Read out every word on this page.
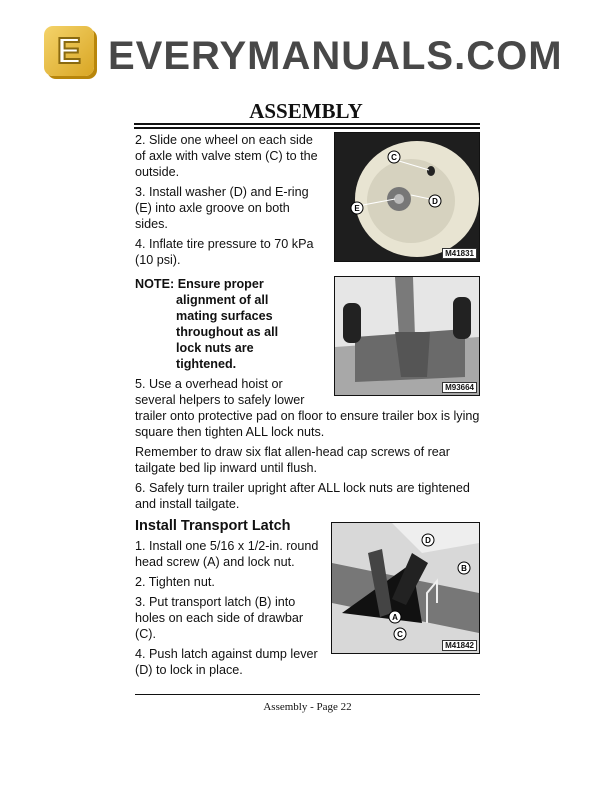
E EVERYMANUALS.COM
ASSEMBLY
C
D
E
M41831

2. Slide one wheel on each side of axle with valve stem (C) to the outside.

3. Install washer (D) and E-ring (E) into axle groove on both sides.

4. Inflate tire pressure to 70 kPa (10 psi).

M93664

NOTE: Ensure proper
alignment of all
mating surfaces
throughout as all
lock nuts are
tightened.

5. Use a overhead hoist or several helpers to safely lower trailer onto protective pad on floor to ensure trailer box is lying square then tighten ALL lock nuts.

Remember to draw six flat allen-head cap screws of rear tailgate bed lip inward until flush.

6. Safely turn trailer upright after ALL lock nuts are tightened and install tailgate.

D
B
A
C
M41842
Install Transport Latch

1. Install one 5/16 x 1/2-in. round head screw (A) and lock nut.

2. Tighten nut.

3. Put transport latch (B) into holes on each side of drawbar (C).

4. Push latch against dump lever (D) to lock in place.

Assembly - Page 22
